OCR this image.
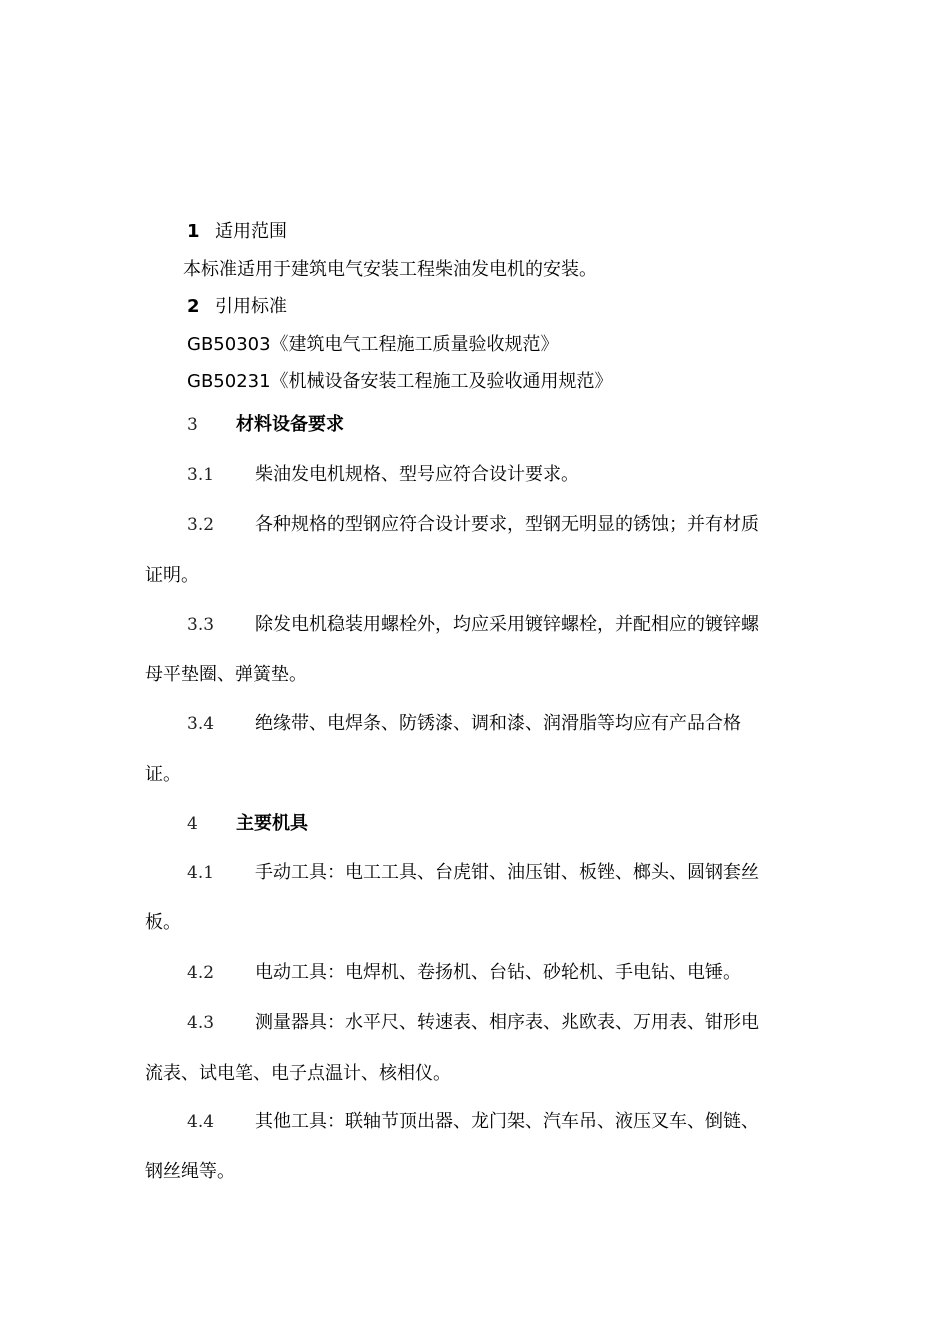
1 适用范围
本标准适用于建筑电气安装工程柴油发电机的安装。
2 引用标准
GB50303《建筑电气工程施工质量验收规范》
GB50231《机械设备安装工程施工及验收通用规范》
3 材料设备要求
3.1 柴油发电机规格、型号应符合设计要求。
3.2 各种规格的型钢应符合设计要求，型钢无明显的锈蚀；并有材质
证明。
3.3 除发电机稳装用螺栓外，均应采用镀锌螺栓，并配相应的镀锌螺
母平垫圈、弹簧垫。
3.4 绝缘带、电焊条、防锈漆、调和漆、润滑脂等均应有产品合格
证。
4 主要机具
4.1 手动工具：电工工具、台虎钳、油压钳、板锉、榔头、圆钢套丝
板。
4.2 电动工具：电焊机、卷扬机、台钻、砂轮机、手电钻、电锤。
4.3 测量器具：水平尺、转速表、相序表、兆欧表、万用表、钳形电
流表、试电笔、电子点温计、核相仪。
4.4 其他工具：联轴节顶出器、龙门架、汽车吊、液压叉车、倒链、
钢丝绳等。
